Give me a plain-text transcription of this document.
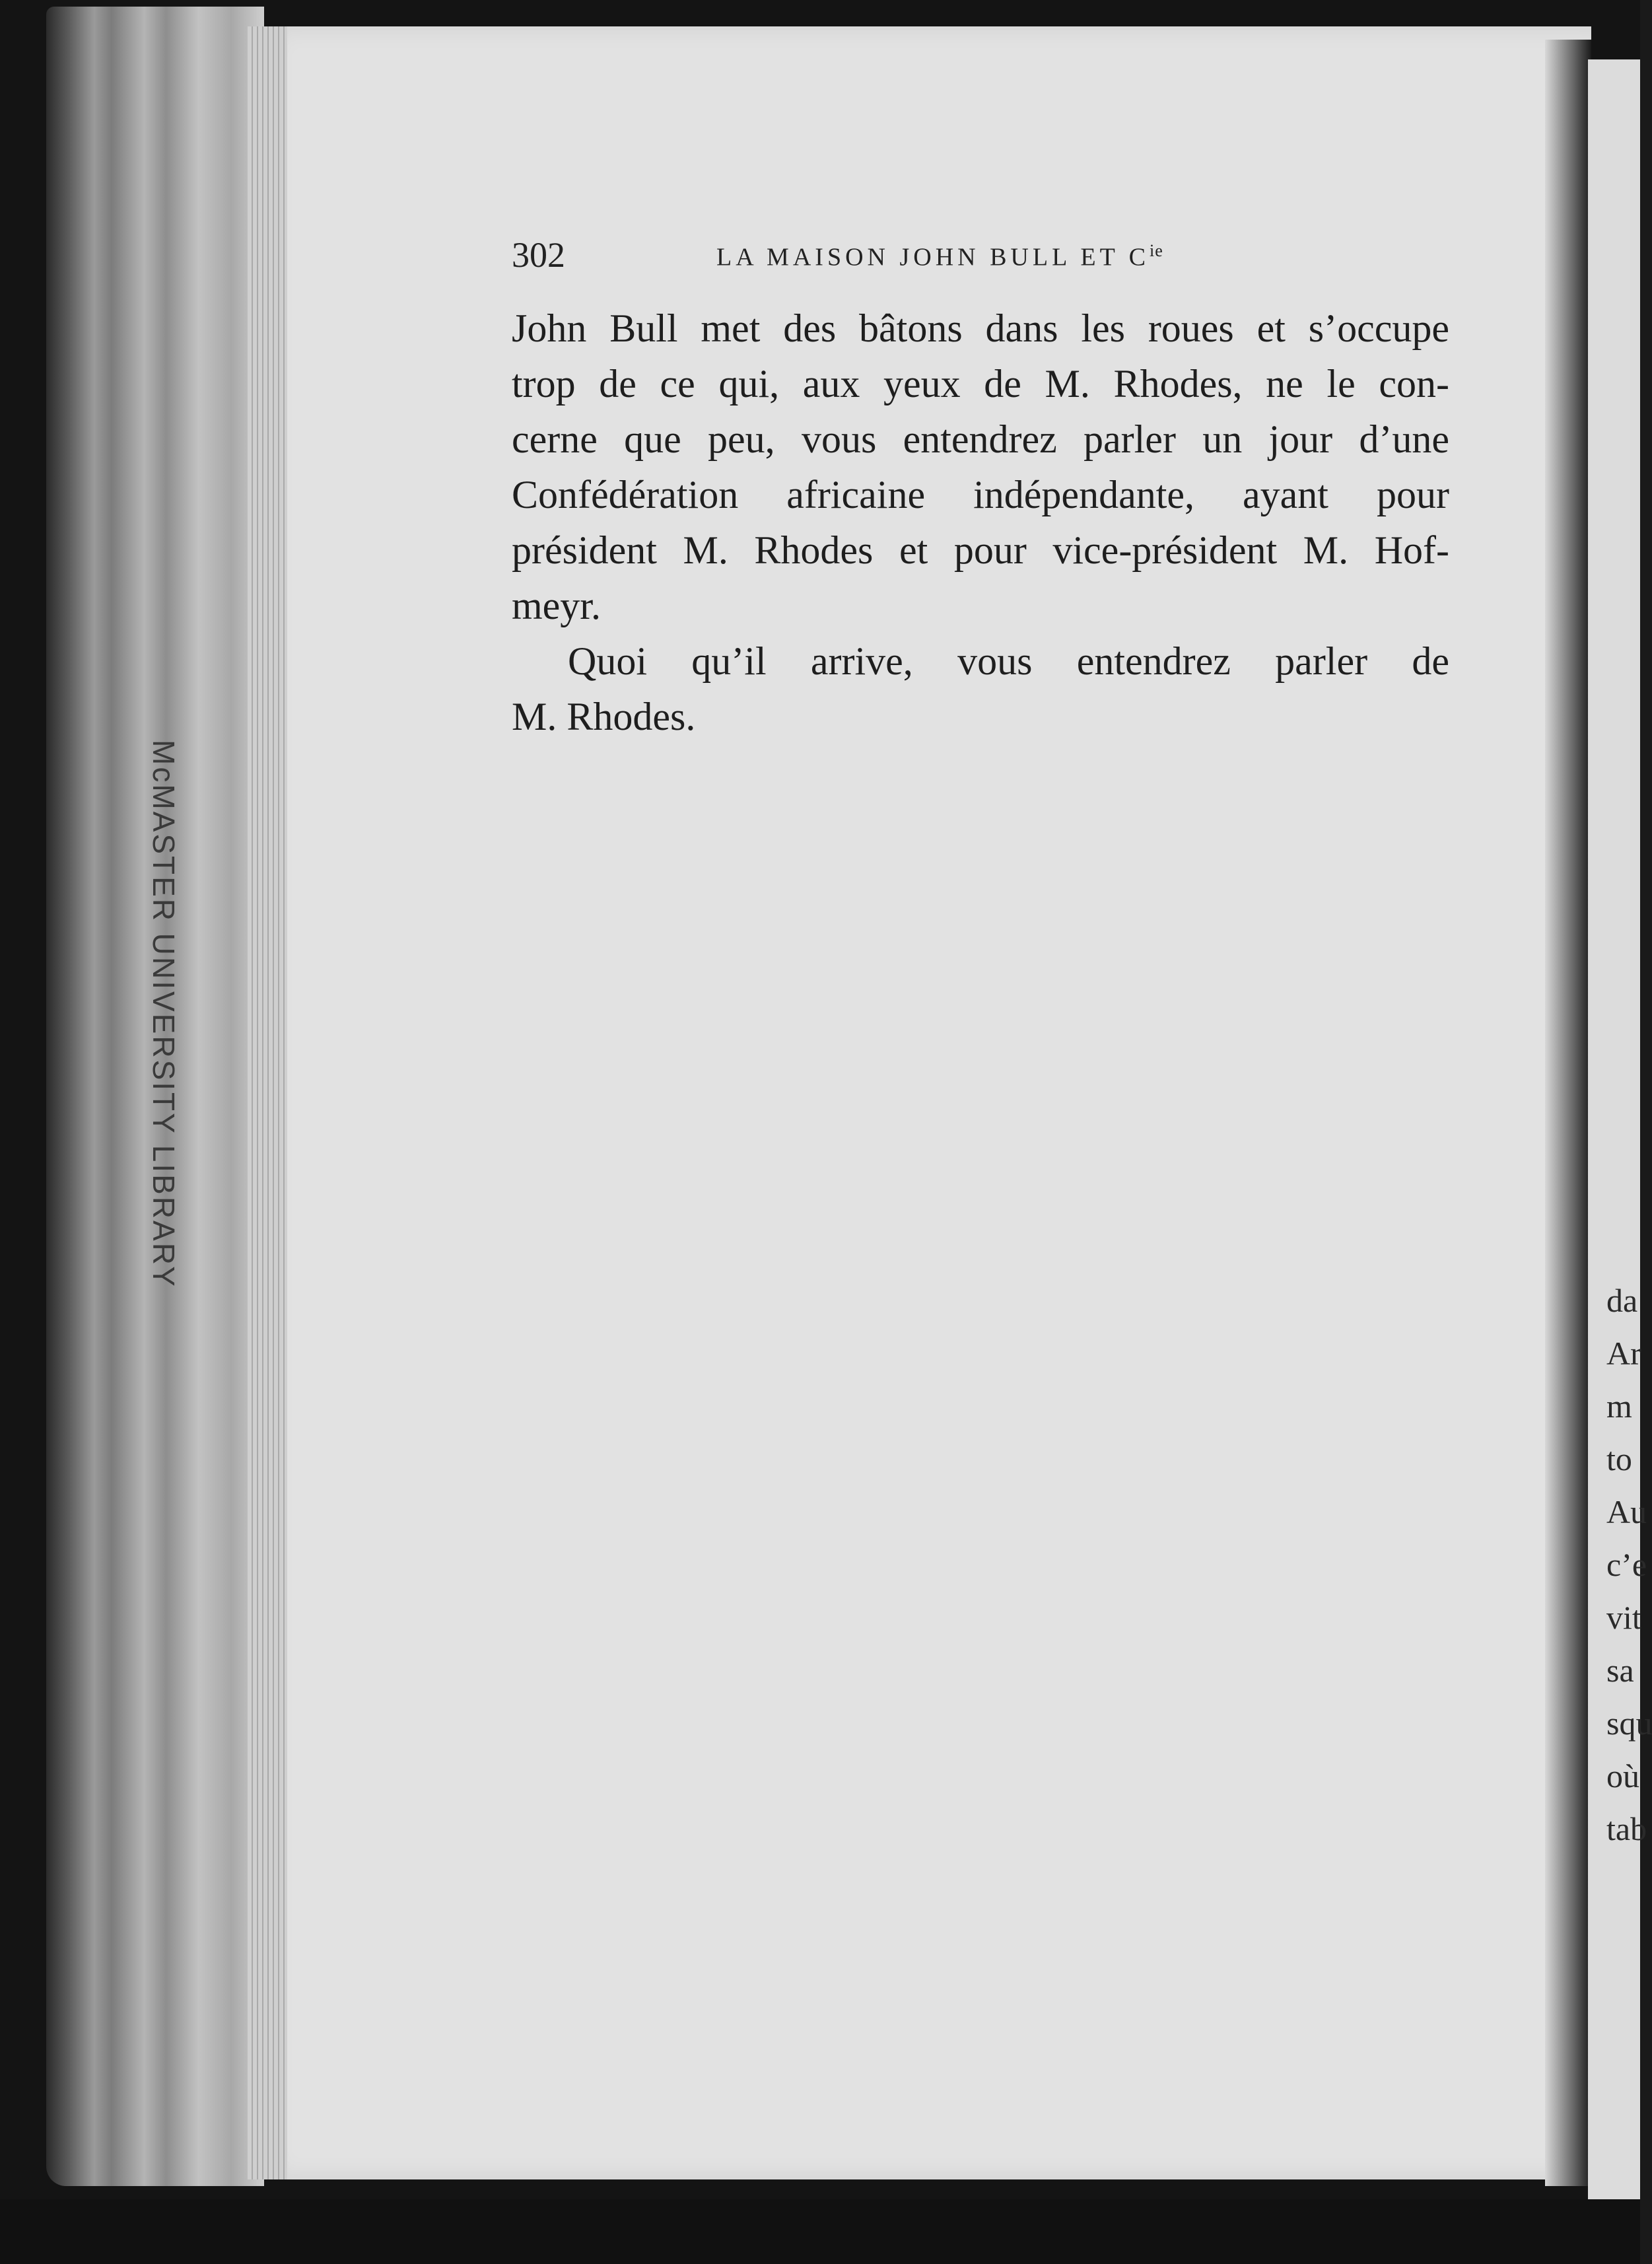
McMASTER UNIVERSITY LIBRARY
da
Ar
m
to
Au
c’e
vit
sa
squ
où
tab
302	LA MAISON JOHN BULL ET $C^{ie}$
John Bull met des bâtons dans les roues et s’occupe
trop de ce qui, aux yeux de M. Rhodes, ne le con-
cerne que peu, vous entendrez parler un jour d’une
Confédération africaine indépendante, ayant pour
président M. Rhodes et pour vice-président M. Hof-
meyr.
Quoi qu’il arrive, vous entendrez parler de
M. Rhodes.
